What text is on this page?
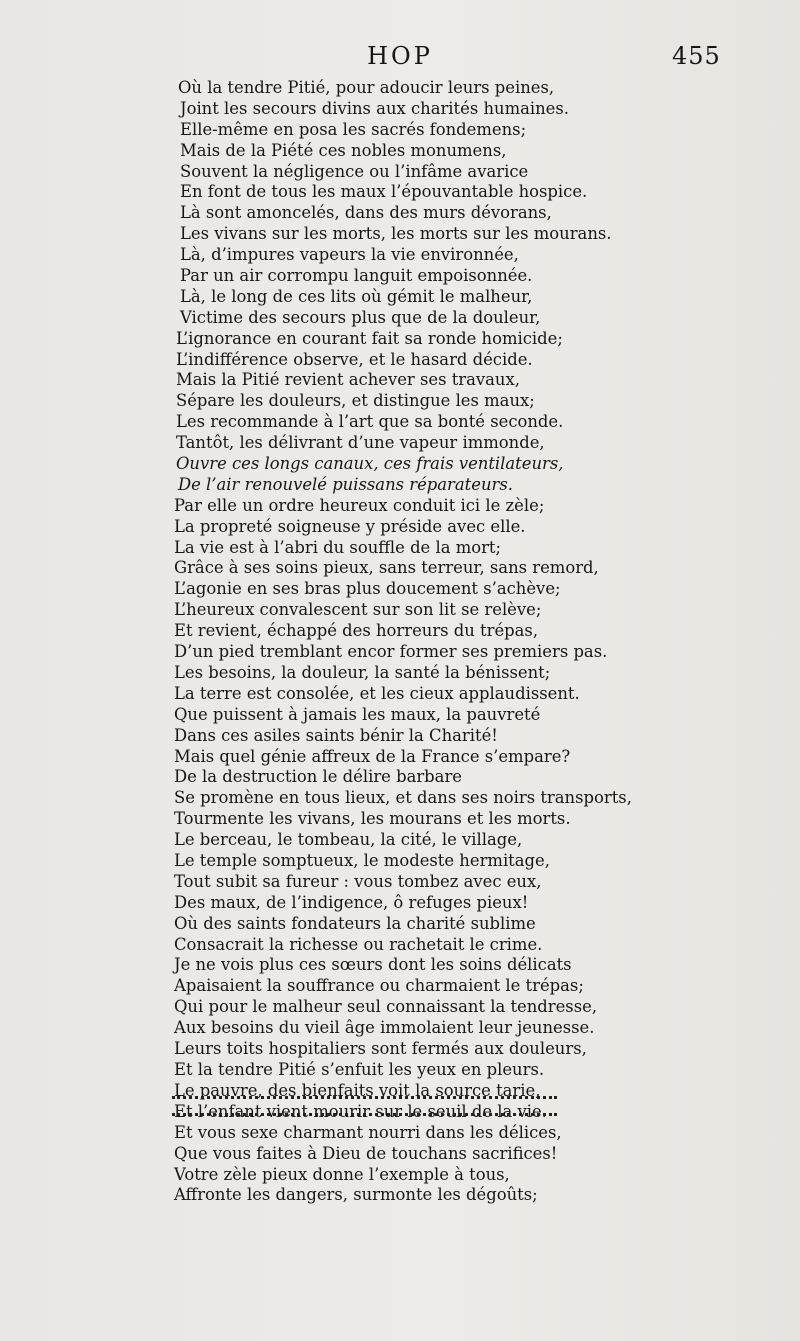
HOP	455
Où la tendre Pitié, pour adoucir leurs peines,
Joint les secours divins aux charités humaines.
Elle-même en posa les sacrés fondemens;
Mais de la Piété ces nobles monumens,
Souvent la négligence ou l’infâme avarice
En font de tous les maux l’épouvantable hospice.
Là sont amoncelés, dans des murs dévorans,
Les vivans sur les morts, les morts sur les mourans.
Là, d’impures vapeurs la vie environnée,
Par un air corrompu languit empoisonnée.
Là, le long de ces lits où gémit le malheur,
Victime des secours plus que de la douleur,
L’ignorance en courant fait sa ronde homicide;
L’indifférence observe, et le hasard décide.
Mais la Pitié revient achever ses travaux,
Sépare les douleurs, et distingue les maux;
Les recommande à l’art que sa bonté seconde.
Tantôt, les délivrant d’une vapeur immonde,
Ouvre ces longs canaux, ces frais ventilateurs,
De l’air renouvelé puissans réparateurs.
Par elle un ordre heureux conduit ici le zèle;
La propreté soigneuse y préside avec elle.
La vie est à l’abri du souffle de la mort;
Grâce à ses soins pieux, sans terreur, sans remord,
L’agonie en ses bras plus doucement s’achève;
L’heureux convalescent sur son lit se relève;
Et revient, échappé des horreurs du trépas,
D’un pied tremblant encor former ses premiers pas.
Les besoins, la douleur, la santé la bénissent;
La terre est consolée, et les cieux applaudissent.
Que puissent à jamais les maux, la pauvreté
Dans ces asiles saints bénir la Charité!
Mais quel génie affreux de la France s’empare?
De la destruction le délire barbare
Se promène en tous lieux, et dans ses noirs transports,
Tourmente les vivans, les mourans et les morts.
Le berceau, le tombeau, la cité, le village,
Le temple somptueux, le modeste hermitage,
Tout subit sa fureur : vous tombez avec eux,
Des maux, de l’indigence, ô refuges pieux!
Où des saints fondateurs la charité sublime
Consacrait la richesse ou rachetait le crime.
Je ne vois plus ces sœurs dont les soins délicats
Apaisaient la souffrance ou charmaient le trépas;
Qui pour le malheur seul connaissant la tendresse,
Aux besoins du vieil âge immolaient leur jeunesse.
Leurs toits hospitaliers sont fermés aux douleurs,
Et la tendre Pitié s’enfuit les yeux en pleurs.
Le pauvre, des bienfaits voit la source tarie,
Et l’enfant vient mourir sur le seuil de la vie.
Et vous sexe charmant nourri dans les délices,
Que vous faites à Dieu de touchans sacrifices!
Votre zèle pieux donne l’exemple à tous,
Affronte les dangers, surmonte les dégoûts;
